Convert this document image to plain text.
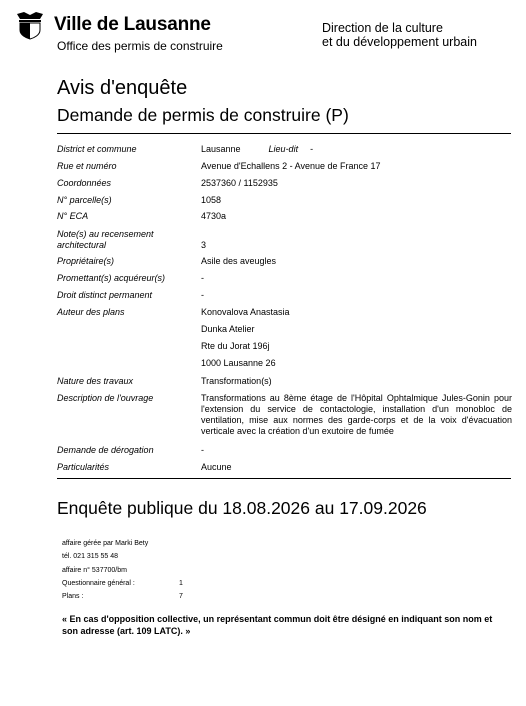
Ville de Lausanne
Office des permis de construire
Direction de la culture
et du développement urbain
Avis d'enquête
Demande de permis de construire (P)
District et commune	Lausanne	Lieu-dit -
Rue et numéro	Avenue d'Echallens 2 - Avenue de France 17
Coordonnées	2537360 / 1152935
N° parcelle(s)	1058
N° ECA	4730a
Note(s) au recensement
architectural	3
Propriétaire(s)	Asile des aveugles
Promettant(s) acquéreur(s)	-
Droit distinct permanent	-
Auteur des plans	Konovalova Anastasia
Dunka Atelier
Rte du Jorat 196j
1000 Lausanne 26
Nature des travaux	Transformation(s)
Description de l'ouvrage	Transformations au 8ème étage de l'Hôpital Ophtalmique Jules-Gonin pour l'extension du service de contactologie, installation d'un monobloc de ventilation, mise aux normes des garde-corps et de la voix d'évacuation verticale avec la création d'un exutoire de fumée
Demande de dérogation	-
Particularités	Aucune
Enquête publique du 18.08.2026 au 17.09.2026
affaire gérée par Marki Bety
tél. 021 315 55 48
affaire n° 537700/bm
Questionnaire général :	1
Plans :	7
« En cas d'opposition collective, un représentant commun doit être désigné en indiquant son nom et son adresse (art. 109 LATC). »
